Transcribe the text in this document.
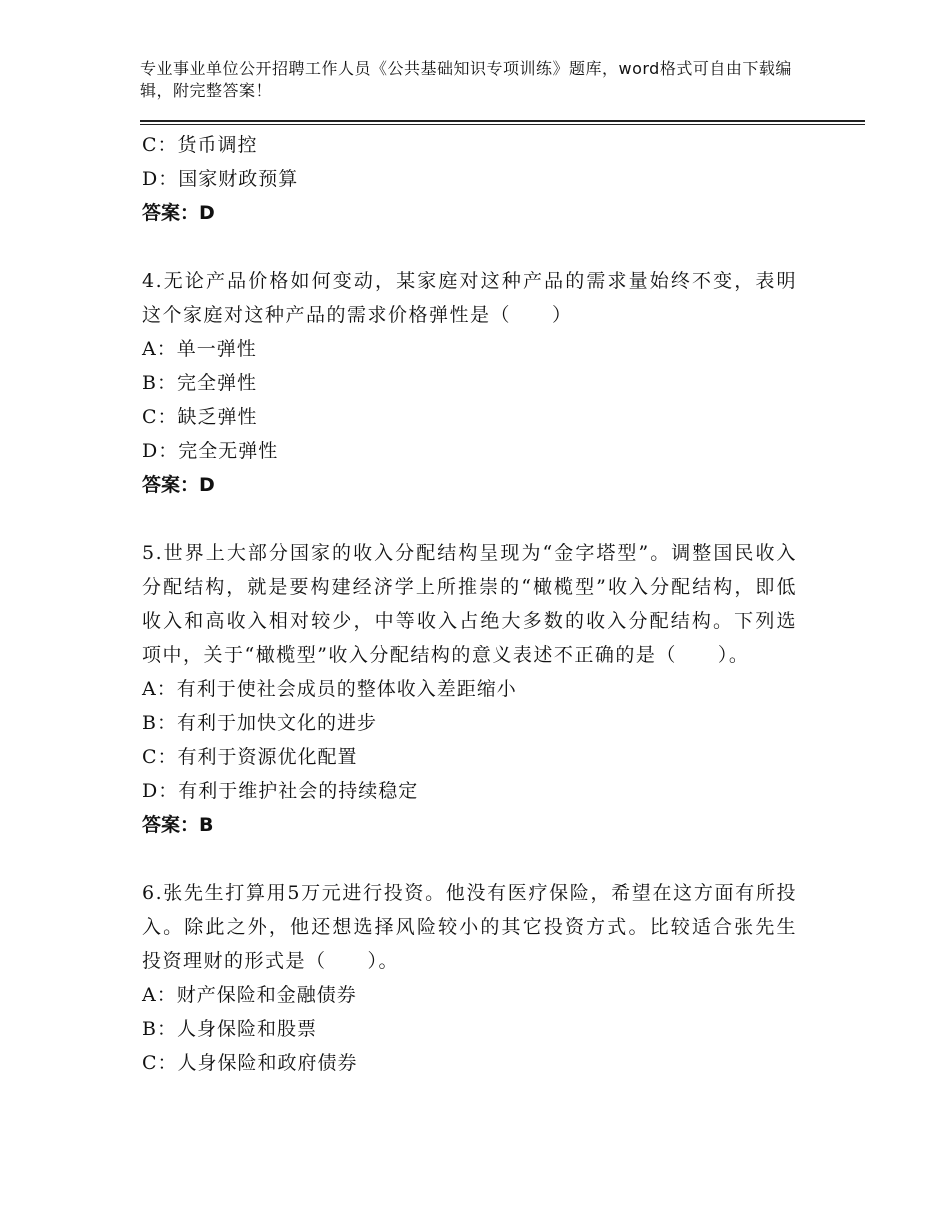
专业事业单位公开招聘工作人员《公共基础知识专项训练》题库，word格式可自由下载编辑，附完整答案！
C：货币调控
D：国家财政预算
答案：D
4.无论产品价格如何变动，某家庭对这种产品的需求量始终不变，表明这个家庭对这种产品的需求价格弹性是（　　）
A：单一弹性
B：完全弹性
C：缺乏弹性
D：完全无弹性
答案：D
5.世界上大部分国家的收入分配结构呈现为“金字塔型”。调整国民收入分配结构，就是要构建经济学上所推崇的“橄榄型”收入分配结构，即低收入和高收入相对较少，中等收入占绝大多数的收入分配结构。下列选项中，关于“橄榄型”收入分配结构的意义表述不正确的是（　　）。
A：有利于使社会成员的整体收入差距缩小
B：有利于加快文化的进步
C：有利于资源优化配置
D：有利于维护社会的持续稳定
答案：B
6.张先生打算用5万元进行投资。他没有医疗保险，希望在这方面有所投入。除此之外，他还想选择风险较小的其它投资方式。比较适合张先生投资理财的形式是（　　）。
A：财产保险和金融债券
B：人身保险和股票
C：人身保险和政府债券
